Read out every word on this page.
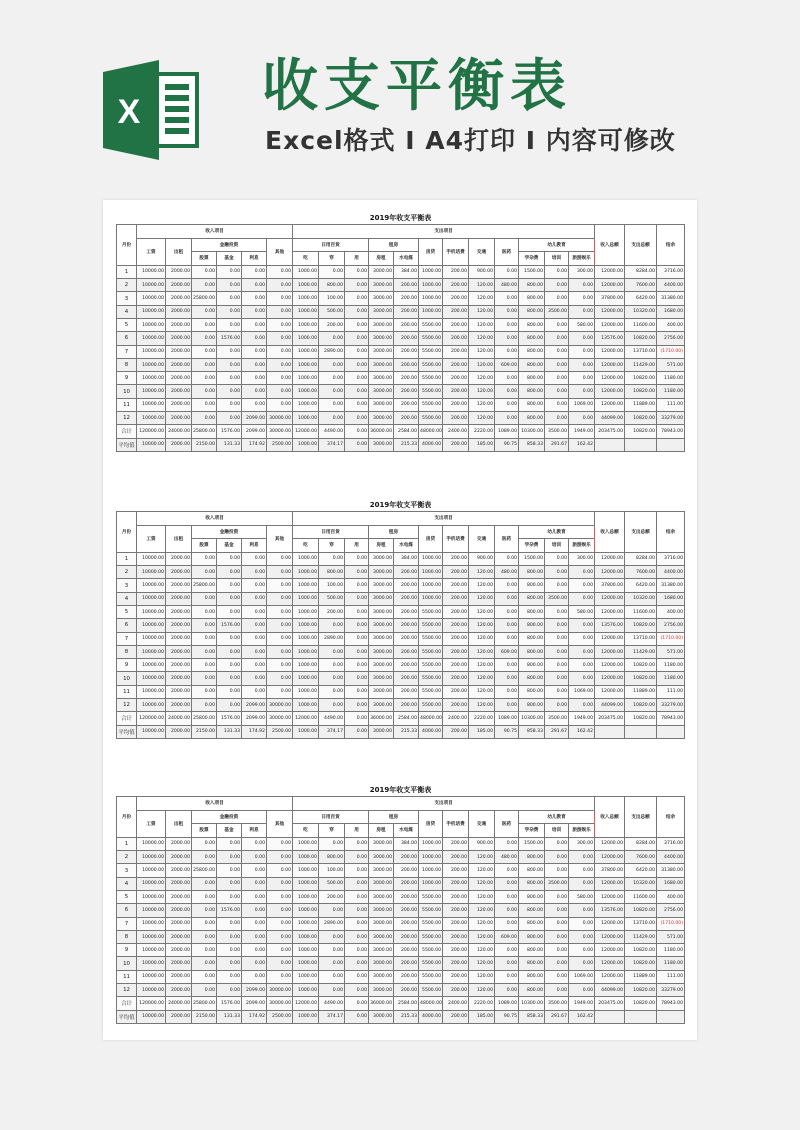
X 收支平衡表
Excel格式 I A4打印 I 内容可修改
2019年收支平衡表
月份	收入项目						支出项目												收入总额	支出总额	结余
	工资	出租	金融投资			其他	日用百货			租房		房贷	手机话费	交通	医药	幼儿教育					
			股票	基金	利息		吃	穿	用	房租	水电煤					学杂费	培训	旅游娱乐			
1	10000.00	2000.00	0.00	0.00	0.00	0.00	1000.00	0.00	0.00	3000.00	384.00	1000.00	200.00	900.00	0.00	1500.00	0.00	300.00	12000.00	8284.00	3716.00
2	10000.00	2000.00	0.00	0.00	0.00	0.00	1000.00	800.00	0.00	3000.00	200.00	1000.00	200.00	120.00	480.00	800.00	0.00	0.00	12000.00	7600.00	4400.00
3	10000.00	2000.00	25800.00	0.00	0.00	0.00	1000.00	100.00	0.00	3000.00	200.00	1000.00	200.00	120.00	0.00	800.00	0.00	0.00	37800.00	6420.00	31380.00
4	10000.00	2000.00	0.00	0.00	0.00	0.00	1000.00	500.00	0.00	3000.00	200.00	1000.00	200.00	120.00	0.00	800.00	3500.00	0.00	12000.00	10320.00	1680.00
5	10000.00	2000.00	0.00	0.00	0.00	0.00	1000.00	200.00	0.00	3000.00	200.00	5500.00	200.00	120.00	0.00	800.00	0.00	580.00	12000.00	11600.00	400.00
6	10000.00	2000.00	0.00	1576.00	0.00	0.00	1000.00	0.00	0.00	3000.00	200.00	5500.00	200.00	120.00	0.00	800.00	0.00	0.00	13576.00	10820.00	2756.00
7	10000.00	2000.00	0.00	0.00	0.00	0.00	1000.00	2890.00	0.00	3000.00	200.00	5500.00	200.00	120.00	0.00	800.00	0.00	0.00	12000.00	13710.00	(1710.00)
8	10000.00	2000.00	0.00	0.00	0.00	0.00	1000.00	0.00	0.00	3000.00	200.00	5500.00	200.00	120.00	609.00	800.00	0.00	0.00	12000.00	11429.00	571.00
9	10000.00	2000.00	0.00	0.00	0.00	0.00	1000.00	0.00	0.00	3000.00	200.00	5500.00	200.00	120.00	0.00	800.00	0.00	0.00	12000.00	10820.00	1180.00
10	10000.00	2000.00	0.00	0.00	0.00	0.00	1000.00	0.00	0.00	3000.00	200.00	5500.00	200.00	120.00	0.00	800.00	0.00	0.00	12000.00	10820.00	1180.00
11	10000.00	2000.00	0.00	0.00	0.00	0.00	1000.00	0.00	0.00	3000.00	200.00	5500.00	200.00	120.00	0.00	800.00	0.00	1069.00	12000.00	11889.00	111.00
12	10000.00	2000.00	0.00	0.00	2099.00	30000.00	1000.00	0.00	0.00	3000.00	200.00	5500.00	200.00	120.00	0.00	800.00	0.00	0.00	44099.00	10820.00	33279.00
合计	120000.00	24000.00	25800.00	1576.00	2099.00	30000.00	12000.00	4490.00	0.00	36000.00	2584.00	48000.00	2400.00	2220.00	1089.00	10300.00	3500.00	1949.00	203475.00	10820.00	78943.00
平均值	10000.00	2000.00	2150.00	131.33	174.92	2500.00	1000.00	374.17	0.00	3000.00	215.33	4000.00	200.00	185.00	90.75	858.33	291.67	162.42			
2019年收支平衡表
月份	收入项目						支出项目												收入总额	支出总额	结余
	工资	出租	金融投资			其他	日用百货			租房		房贷	手机话费	交通	医药	幼儿教育					
			股票	基金	利息		吃	穿	用	房租	水电煤					学杂费	培训	旅游娱乐			
1	10000.00	2000.00	0.00	0.00	0.00	0.00	1000.00	0.00	0.00	3000.00	384.00	1000.00	200.00	900.00	0.00	1500.00	0.00	300.00	12000.00	8284.00	3716.00
2	10000.00	2000.00	0.00	0.00	0.00	0.00	1000.00	800.00	0.00	3000.00	200.00	1000.00	200.00	120.00	480.00	800.00	0.00	0.00	12000.00	7600.00	4400.00
3	10000.00	2000.00	25800.00	0.00	0.00	0.00	1000.00	100.00	0.00	3000.00	200.00	1000.00	200.00	120.00	0.00	800.00	0.00	0.00	37800.00	6420.00	31380.00
4	10000.00	2000.00	0.00	0.00	0.00	0.00	1000.00	500.00	0.00	3000.00	200.00	1000.00	200.00	120.00	0.00	800.00	3500.00	0.00	12000.00	10320.00	1680.00
5	10000.00	2000.00	0.00	0.00	0.00	0.00	1000.00	200.00	0.00	3000.00	200.00	5500.00	200.00	120.00	0.00	800.00	0.00	580.00	12000.00	11600.00	400.00
6	10000.00	2000.00	0.00	1576.00	0.00	0.00	1000.00	0.00	0.00	3000.00	200.00	5500.00	200.00	120.00	0.00	800.00	0.00	0.00	13576.00	10820.00	2756.00
7	10000.00	2000.00	0.00	0.00	0.00	0.00	1000.00	2890.00	0.00	3000.00	200.00	5500.00	200.00	120.00	0.00	800.00	0.00	0.00	12000.00	13710.00	(1710.00)
8	10000.00	2000.00	0.00	0.00	0.00	0.00	1000.00	0.00	0.00	3000.00	200.00	5500.00	200.00	120.00	609.00	800.00	0.00	0.00	12000.00	11429.00	571.00
9	10000.00	2000.00	0.00	0.00	0.00	0.00	1000.00	0.00	0.00	3000.00	200.00	5500.00	200.00	120.00	0.00	800.00	0.00	0.00	12000.00	10820.00	1180.00
10	10000.00	2000.00	0.00	0.00	0.00	0.00	1000.00	0.00	0.00	3000.00	200.00	5500.00	200.00	120.00	0.00	800.00	0.00	0.00	12000.00	10820.00	1180.00
11	10000.00	2000.00	0.00	0.00	0.00	0.00	1000.00	0.00	0.00	3000.00	200.00	5500.00	200.00	120.00	0.00	800.00	0.00	1069.00	12000.00	11889.00	111.00
12	10000.00	2000.00	0.00	0.00	2099.00	30000.00	1000.00	0.00	0.00	3000.00	200.00	5500.00	200.00	120.00	0.00	800.00	0.00	0.00	44099.00	10820.00	33279.00
合计	120000.00	24000.00	25800.00	1576.00	2099.00	30000.00	12000.00	4490.00	0.00	36000.00	2584.00	48000.00	2400.00	2220.00	1089.00	10300.00	3500.00	1949.00	203475.00	10820.00	78943.00
平均值	10000.00	2000.00	2150.00	131.33	174.92	2500.00	1000.00	374.17	0.00	3000.00	215.33	4000.00	200.00	185.00	90.75	858.33	291.67	162.42			
2019年收支平衡表
月份	收入项目						支出项目												收入总额	支出总额	结余
	工资	出租	金融投资			其他	日用百货			租房		房贷	手机话费	交通	医药	幼儿教育					
			股票	基金	利息		吃	穿	用	房租	水电煤					学杂费	培训	旅游娱乐			
1	10000.00	2000.00	0.00	0.00	0.00	0.00	1000.00	0.00	0.00	3000.00	384.00	1000.00	200.00	900.00	0.00	1500.00	0.00	300.00	12000.00	8284.00	3716.00
2	10000.00	2000.00	0.00	0.00	0.00	0.00	1000.00	800.00	0.00	3000.00	200.00	1000.00	200.00	120.00	480.00	800.00	0.00	0.00	12000.00	7600.00	4400.00
3	10000.00	2000.00	25800.00	0.00	0.00	0.00	1000.00	100.00	0.00	3000.00	200.00	1000.00	200.00	120.00	0.00	800.00	0.00	0.00	37800.00	6420.00	31380.00
4	10000.00	2000.00	0.00	0.00	0.00	0.00	1000.00	500.00	0.00	3000.00	200.00	1000.00	200.00	120.00	0.00	800.00	3500.00	0.00	12000.00	10320.00	1680.00
5	10000.00	2000.00	0.00	0.00	0.00	0.00	1000.00	200.00	0.00	3000.00	200.00	5500.00	200.00	120.00	0.00	800.00	0.00	580.00	12000.00	11600.00	400.00
6	10000.00	2000.00	0.00	1576.00	0.00	0.00	1000.00	0.00	0.00	3000.00	200.00	5500.00	200.00	120.00	0.00	800.00	0.00	0.00	13576.00	10820.00	2756.00
7	10000.00	2000.00	0.00	0.00	0.00	0.00	1000.00	2890.00	0.00	3000.00	200.00	5500.00	200.00	120.00	0.00	800.00	0.00	0.00	12000.00	13710.00	(1710.00)
8	10000.00	2000.00	0.00	0.00	0.00	0.00	1000.00	0.00	0.00	3000.00	200.00	5500.00	200.00	120.00	609.00	800.00	0.00	0.00	12000.00	11429.00	571.00
9	10000.00	2000.00	0.00	0.00	0.00	0.00	1000.00	0.00	0.00	3000.00	200.00	5500.00	200.00	120.00	0.00	800.00	0.00	0.00	12000.00	10820.00	1180.00
10	10000.00	2000.00	0.00	0.00	0.00	0.00	1000.00	0.00	0.00	3000.00	200.00	5500.00	200.00	120.00	0.00	800.00	0.00	0.00	12000.00	10820.00	1180.00
11	10000.00	2000.00	0.00	0.00	0.00	0.00	1000.00	0.00	0.00	3000.00	200.00	5500.00	200.00	120.00	0.00	800.00	0.00	1069.00	12000.00	11889.00	111.00
12	10000.00	2000.00	0.00	0.00	2099.00	30000.00	1000.00	0.00	0.00	3000.00	200.00	5500.00	200.00	120.00	0.00	800.00	0.00	0.00	44099.00	10820.00	33279.00
合计	120000.00	24000.00	25800.00	1576.00	2099.00	30000.00	12000.00	4490.00	0.00	36000.00	2584.00	48000.00	2400.00	2220.00	1089.00	10300.00	3500.00	1949.00	203475.00	10820.00	78943.00
平均值	10000.00	2000.00	2150.00	131.33	174.92	2500.00	1000.00	374.17	0.00	3000.00	215.33	4000.00	200.00	185.00	90.75	858.33	291.67	162.42			
